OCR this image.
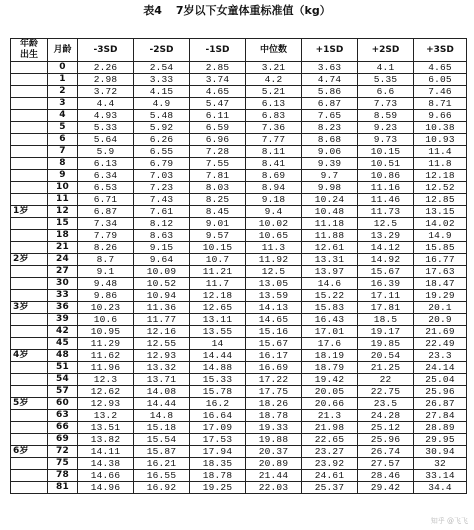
表4 7岁以下女童体重标准值（kg）
年龄
出生	月龄	-3SD	-2SD	-1SD	中位数	+1SD	+2SD	+3SD
	0	2.26	2.54	2.85	3.21	3.63	4.1	4.65
	1	2.98	3.33	3.74	4.2	4.74	5.35	6.05
	2	3.72	4.15	4.65	5.21	5.86	6.6	7.46
	3	4.4	4.9	5.47	6.13	6.87	7.73	8.71
	4	4.93	5.48	6.11	6.83	7.65	8.59	9.66
	5	5.33	5.92	6.59	7.36	8.23	9.23	10.38
	6	5.64	6.26	6.96	7.77	8.68	9.73	10.93
	7	5.9	6.55	7.28	8.11	9.06	10.15	11.4
	8	6.13	6.79	7.55	8.41	9.39	10.51	11.8
	9	6.34	7.03	7.81	8.69	9.7	10.86	12.18
	10	6.53	7.23	8.03	8.94	9.98	11.16	12.52
	11	6.71	7.43	8.25	9.18	10.24	11.46	12.85
1岁	12	6.87	7.61	8.45	9.4	10.48	11.73	13.15
	15	7.34	8.12	9.01	10.02	11.18	12.5	14.02
	18	7.79	8.63	9.57	10.65	11.88	13.29	14.9
	21	8.26	9.15	10.15	11.3	12.61	14.12	15.85
2岁	24	8.7	9.64	10.7	11.92	13.31	14.92	16.77
	27	9.1	10.09	11.21	12.5	13.97	15.67	17.63
	30	9.48	10.52	11.7	13.05	14.6	16.39	18.47
	33	9.86	10.94	12.18	13.59	15.22	17.11	19.29
3岁	36	10.23	11.36	12.65	14.13	15.83	17.81	20.1
	39	10.6	11.77	13.11	14.65	16.43	18.5	20.9
	42	10.95	12.16	13.55	15.16	17.01	19.17	21.69
	45	11.29	12.55	14	15.67	17.6	19.85	22.49
4岁	48	11.62	12.93	14.44	16.17	18.19	20.54	23.3
	51	11.96	13.32	14.88	16.69	18.79	21.25	24.14
	54	12.3	13.71	15.33	17.22	19.42	22	25.04
	57	12.62	14.08	15.78	17.75	20.05	22.75	25.96
5岁	60	12.93	14.44	16.2	18.26	20.66	23.5	26.87
	63	13.2	14.8	16.64	18.78	21.3	24.28	27.84
	66	13.51	15.18	17.09	19.33	21.98	25.12	28.89
	69	13.82	15.54	17.53	19.88	22.65	25.96	29.95
6岁	72	14.11	15.87	17.94	20.37	23.27	26.74	30.94
	75	14.38	16.21	18.35	20.89	23.92	27.57	32
	78	14.66	16.55	18.78	21.44	24.61	28.46	33.14
	81	14.96	16.92	19.25	22.03	25.37	29.42	34.4
知乎 @飞飞
